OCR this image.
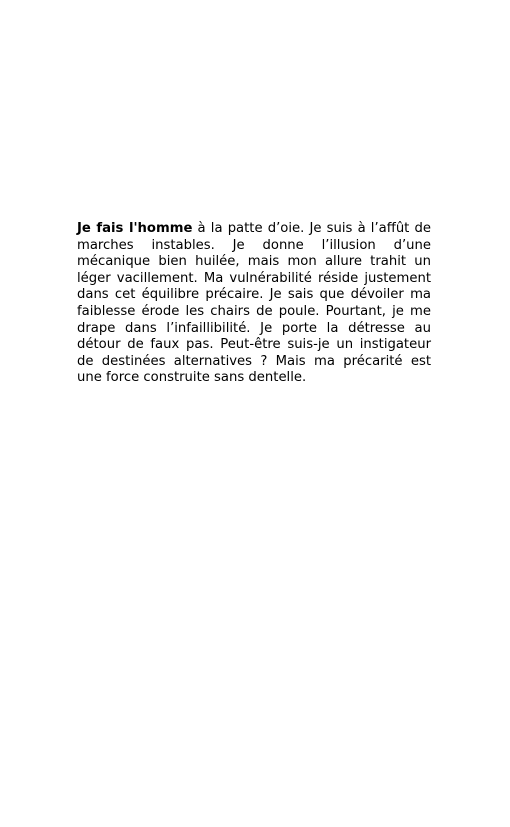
Je fais l'homme à la patte d’oie. Je suis à l’affût de marches instables. Je donne l’illusion d’une mécanique bien huilée, mais mon allure trahit un léger vacillement. Ma vulnérabilité réside justement dans cet équilibre précaire. Je sais que dévoiler ma faiblesse érode les chairs de poule. Pourtant, je me drape dans l’infaillibilité. Je porte la détresse au détour de faux pas. Peut-être suis-je un instigateur de destinées alternatives ? Mais ma précarité est une force construite sans dentelle.
